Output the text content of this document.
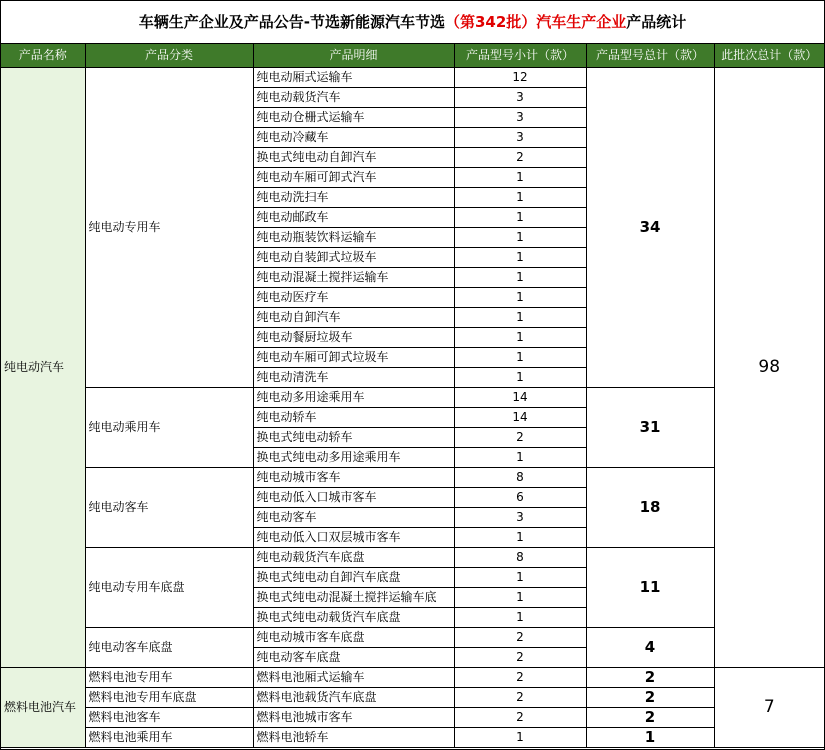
车辆生产企业及产品公告-节选新能源汽车节选（第342批）汽车生产企业产品统计
产品名称	产品分类	产品明细	产品型号小计（款）	产品型号总计（款）	此批次总计（款）
纯电动汽车	纯电动专用车	纯电动厢式运输车	12	34	98
		纯电动载货汽车	3		
		纯电动仓栅式运输车	3		
		纯电动冷藏车	3		
		换电式纯电动自卸汽车	2		
		纯电动车厢可卸式汽车	1		
		纯电动洗扫车	1		
		纯电动邮政车	1		
		纯电动瓶装饮料运输车	1		
		纯电动自装卸式垃圾车	1		
		纯电动混凝土搅拌运输车	1		
		纯电动医疗车	1		
		纯电动自卸汽车	1		
		纯电动餐厨垃圾车	1		
		纯电动车厢可卸式垃圾车	1		
		纯电动清洗车	1		
	纯电动乘用车	纯电动多用途乘用车	14	31	
		纯电动轿车	14		
		换电式纯电动轿车	2		
		换电式纯电动多用途乘用车	1		
	纯电动客车	纯电动城市客车	8	18	
		纯电动低入口城市客车	6		
		纯电动客车	3		
		纯电动低入口双层城市客车	1		
	纯电动专用车底盘	纯电动载货汽车底盘	8	11	
		换电式纯电动自卸汽车底盘	1		
		换电式纯电动混凝土搅拌运输车底	1		
		换电式纯电动载货汽车底盘	1		
	纯电动客车底盘	纯电动城市客车底盘	2	4	
		纯电动客车底盘	2		
燃料电池汽车	燃料电池专用车	燃料电池厢式运输车	2	2	7
	燃料电池专用车底盘	燃料电池载货汽车底盘	2	2	
	燃料电池客车	燃料电池城市客车	2	2	
	燃料电池乘用车	燃料电池轿车	1	1	
